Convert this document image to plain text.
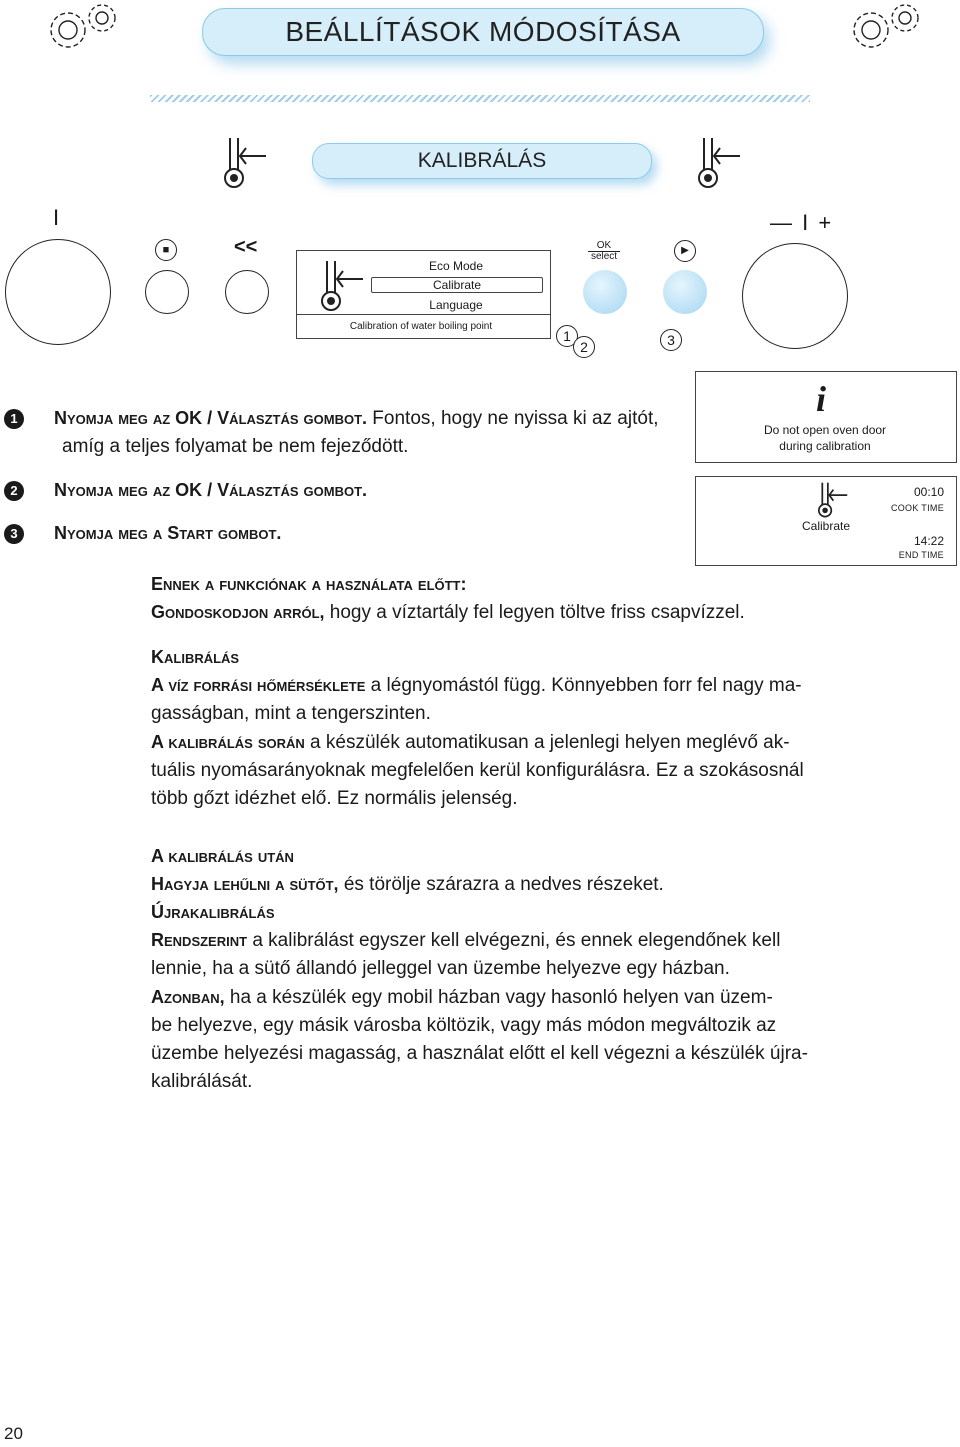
BEÁLLÍTÁSOK MÓDOSÍTÁSA
KALIBRÁLÁS
I
■	<<
Eco Mode
Calibrate
Language
Calibration of water boiling point
OK
select
▶
— I +
1
2	3
i
Do not open oven door
during calibration
Calibrate
00:10
COOK TIME
14:22
END TIME
1	Nyomja meg az OK / Választás gombot. Fontos, hogy ne nyissa ki az ajtót,
amíg a teljes folyamat be nem fejeződött.
2	Nyomja meg az OK / Választás gombot.
3	Nyomja meg a Start gombot.
Ennek a funkciónak a használata előtt:
Gondoskodjon arról, hogy a víztartály fel legyen töltve friss csapvízzel.
Kalibrálás
A víz forrási hőmérséklete a légnyomástól függ. Könnyebben forr fel nagy ma-
gasságban, mint a tengerszinten.
A kalibrálás során a készülék automatikusan a jelenlegi helyen meglévő ak-
tuális nyomásarányoknak megfelelően kerül konfigurálásra. Ez a szokásosnál
több gőzt idézhet elő. Ez normális jelenség.
A kalibrálás után
Hagyja lehűlni a sütőt, és törölje szárazra a nedves részeket.
Újrakalibrálás
Rendszerint a kalibrálást egyszer kell elvégezni, és ennek elegendőnek kell
lennie, ha a sütő állandó jelleggel van üzembe helyezve egy házban.
Azonban, ha a készülék egy mobil házban vagy hasonló helyen van üzem-
be helyezve, egy másik városba költözik, vagy más módon megváltozik az
üzembe helyezési magasság, a használat előtt el kell végezni a készülék újra-
kalibrálását.
20
